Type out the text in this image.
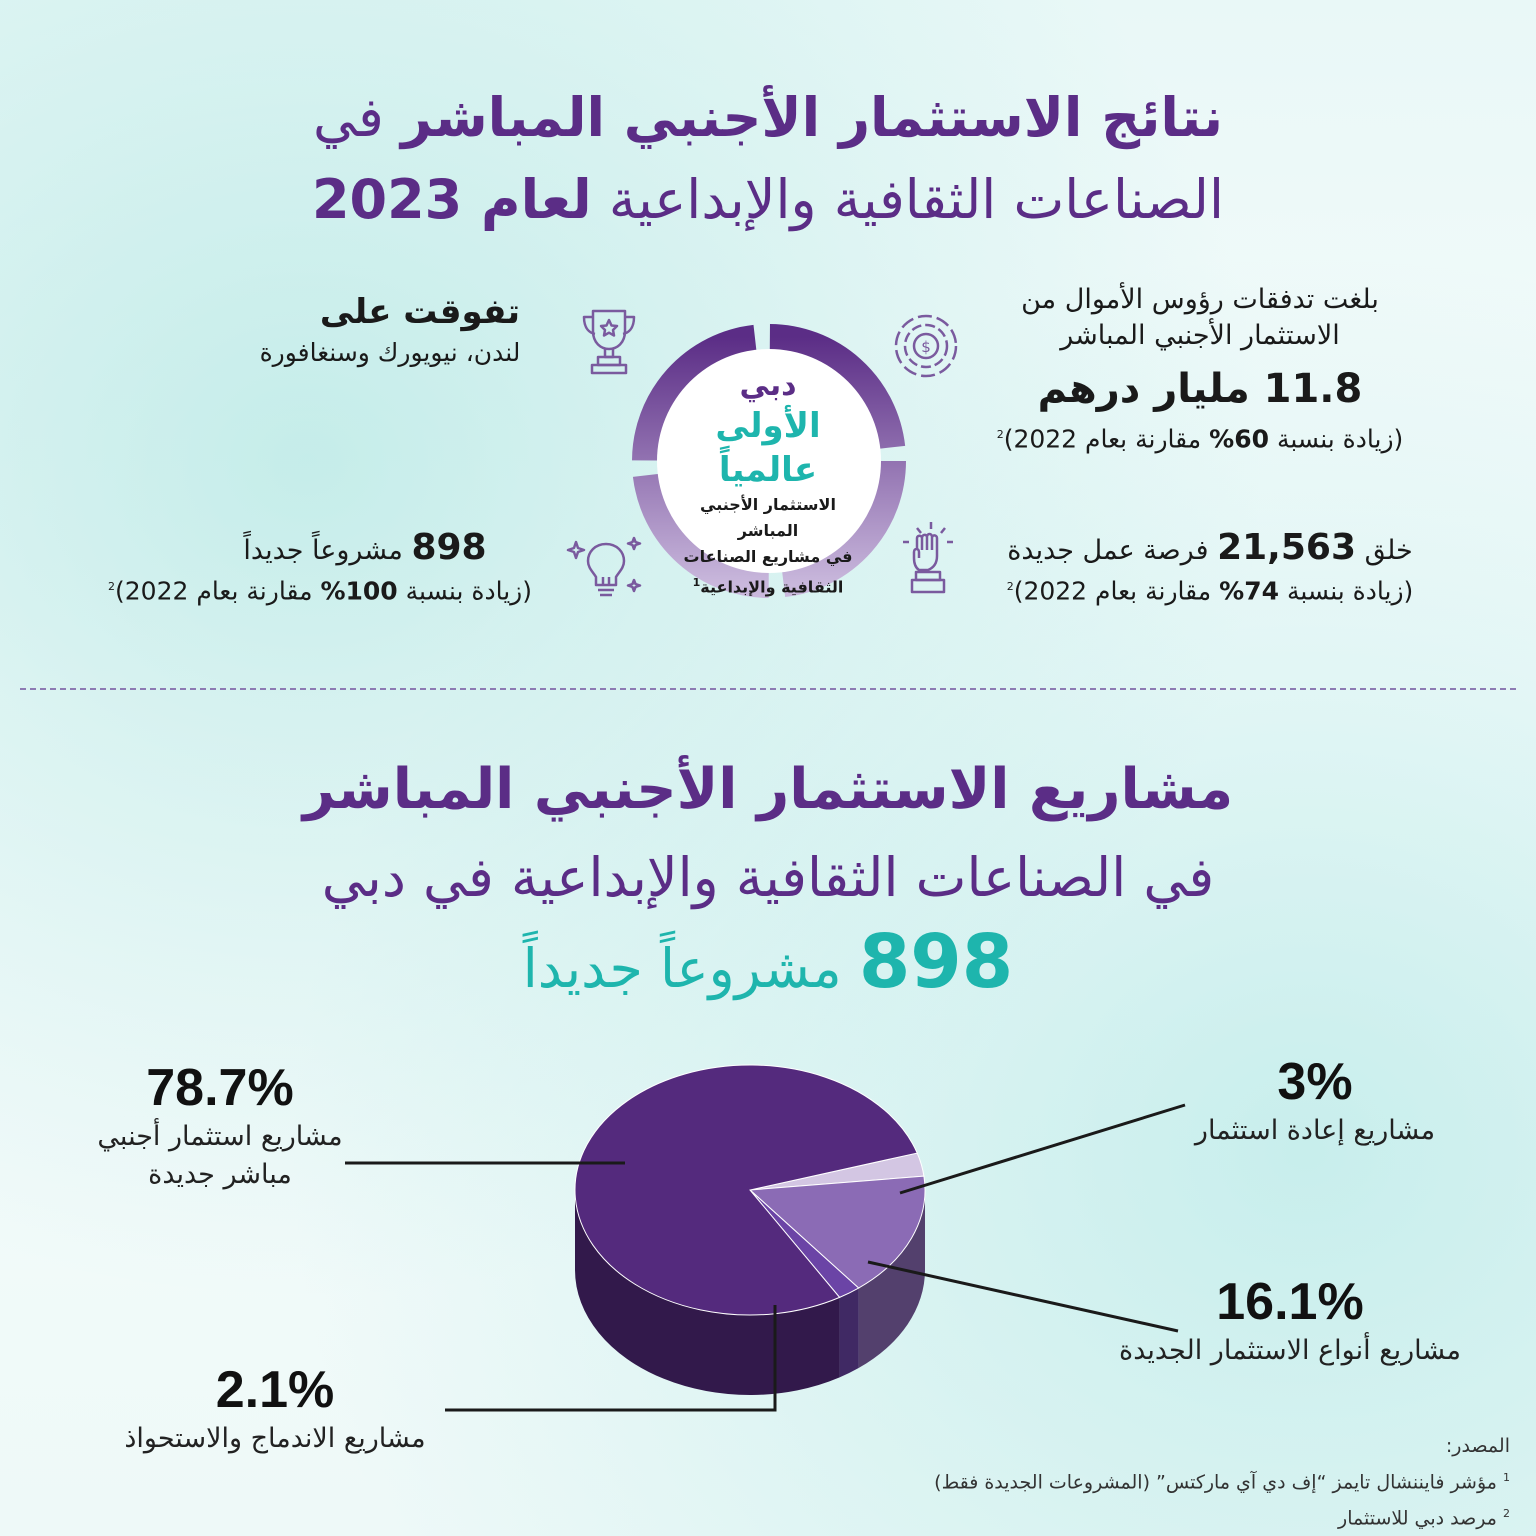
نتائج الاستثمار الأجنبي المباشر في
الصناعات الثقافية والإبداعية لعام 2023
بلغت تدفقات رؤوس الأموال من
الاستثمار الأجنبي المباشر
11.8 مليار درهم
(زيادة بنسبة 60% مقارنة بعام 2022)$^2$
تفوقت على
لندن، نيويورك وسنغافورة
خلق 21,563 فرصة عمل جديدة
(زيادة بنسبة 74% مقارنة بعام 2022)$^2$
898 مشروعاً جديداً
(زيادة بنسبة 100% مقارنة بعام 2022)$^2$
$
دبي
الأولى عالمياً
الاستثمار الأجنبي المباشر
في مشاريع الصناعات
الثقافية والإبداعية$^1$
مشاريع الاستثمار الأجنبي المباشر
في الصناعات الثقافية والإبداعية في دبي
898 مشروعاً جديداً
78.7%
مشاريع استثمار أجنبي
مباشر جديدة
3%
مشاريع إعادة استثمار
16.1%
مشاريع أنواع الاستثمار الجديدة
2.1%
مشاريع الاندماج والاستحواذ	المصدر:
$^1$ مؤشر فايننشال تايمز “إف دي آي ماركتس” (المشروعات الجديدة فقط)
$^2$ مرصد دبي للاستثمار
